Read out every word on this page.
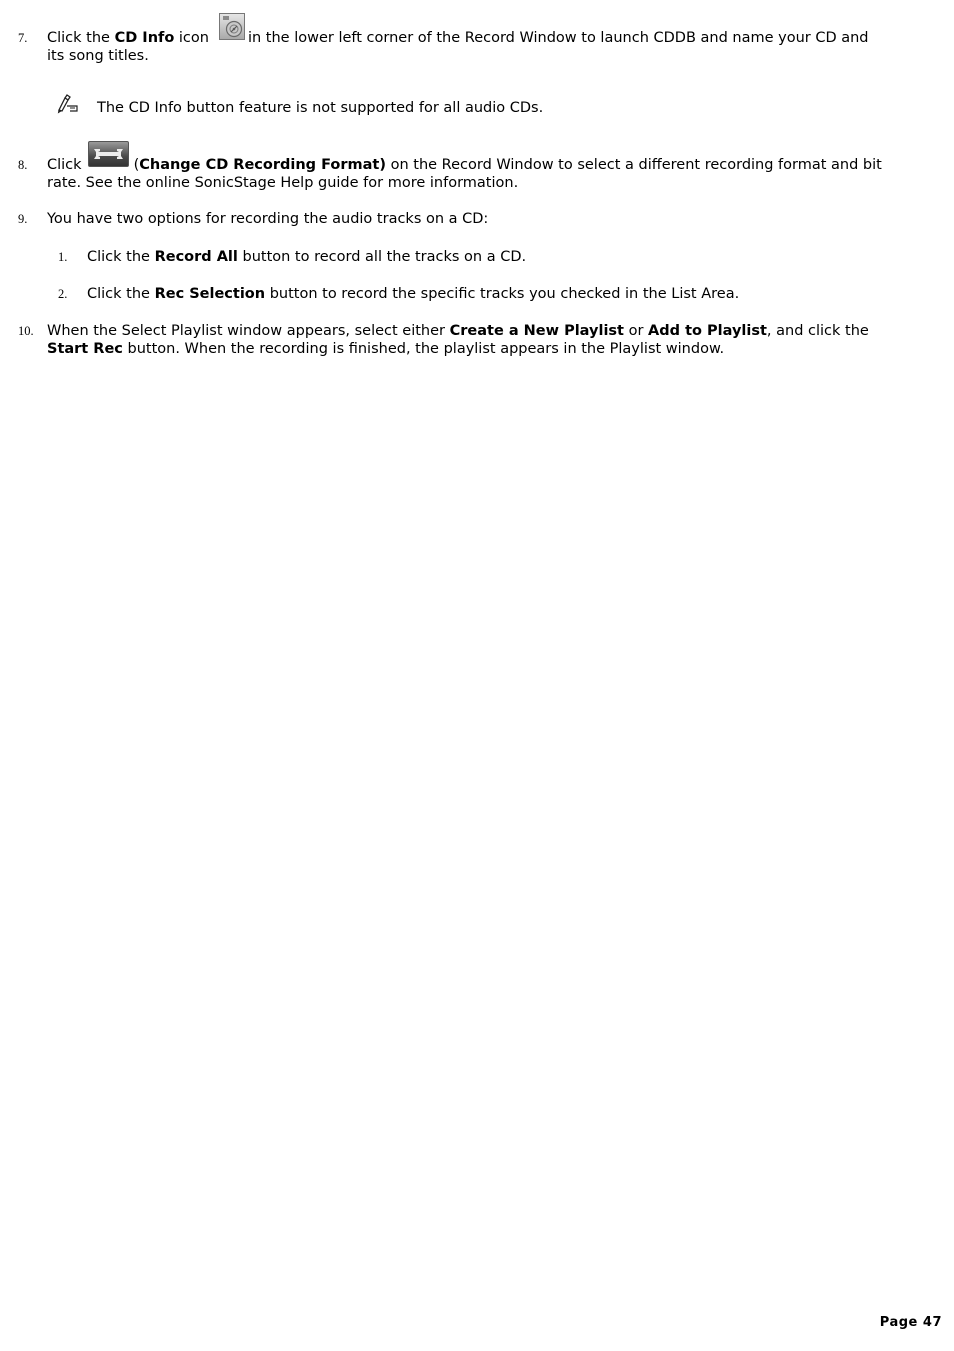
7. Click the CD Info icon	in the lower left corner of the Record Window to launch CDDB and name your CD and
its song titles.
The CD Info button feature is not supported for all audio CDs.
8. Click	(Change CD Recording Format) on the Record Window to select a different recording format and bit
rate. See the online SonicStage Help guide for more information.
9. You have two options for recording the audio tracks on a CD:
1. Click the Record All button to record all the tracks on a CD.
2. Click the Rec Selection button to record the specific tracks you checked in the List Area.
10. When the Select Playlist window appears, select either Create a New Playlist or Add to Playlist, and click the
Start Rec button. When the recording is finished, the playlist appears in the Playlist window.
Page 47
